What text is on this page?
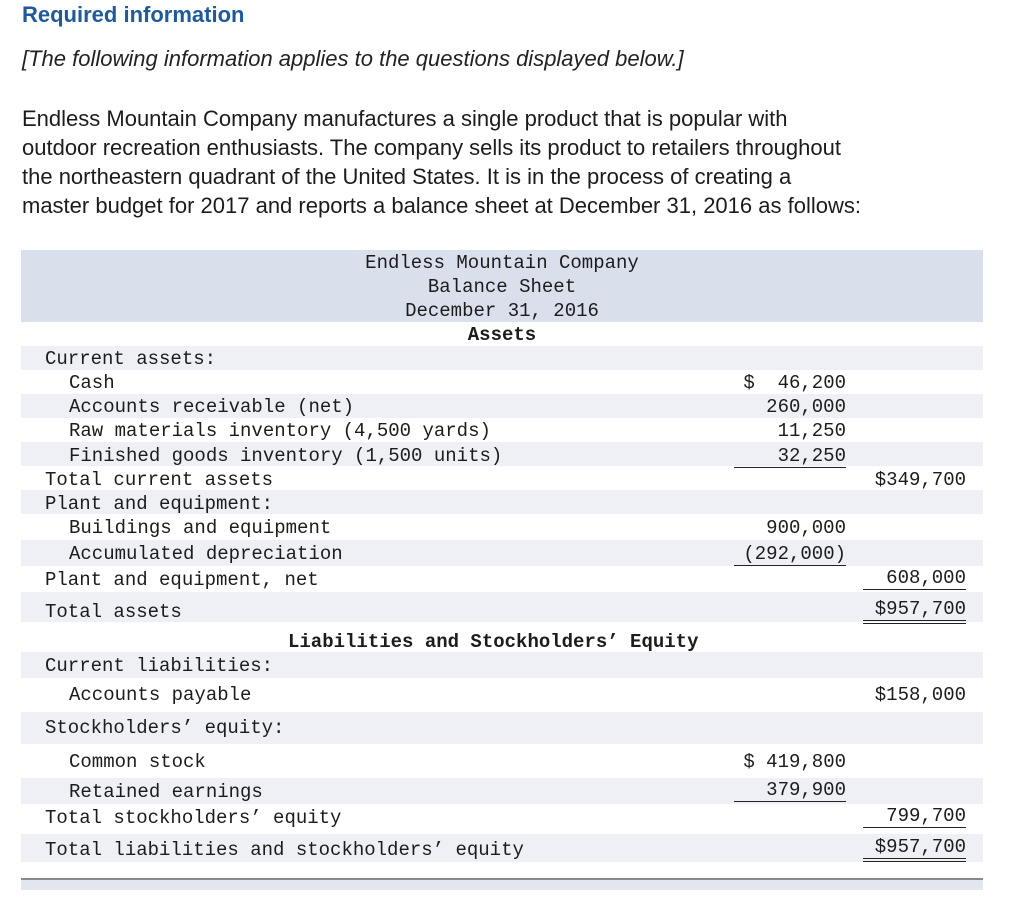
Required information
[The following information applies to the questions displayed below.]

Endless Mountain Company manufactures a single product that is popular with

outdoor recreation enthusiasts. The company sells its product to retailers throughout

the northeastern quadrant of the United States. It is in the process of creating a

master budget for 2017 and reports a balance sheet at December 31, 2016 as follows:

Endless Mountain Company
Balance Sheet
December 31, 2016
Assets
Current assets:
Cash	$  46,200
Accounts receivable (net)	260,000
Raw materials inventory (4,500 yards)	11,250
Finished goods inventory (1,500 units)	32,250
Total current assets	$349,700
Plant and equipment:
Buildings and equipment	900,000
Accumulated depreciation	(292,000)
Plant and equipment, net	608,000
Total assets	$957,700
Liabilities and Stockholders’ Equity
Current liabilities:
Accounts payable	$158,000
Stockholders’ equity:
Common stock	$ 419,800
Retained earnings	379,900
Total stockholders’ equity	799,700
Total liabilities and stockholders’ equity	$957,700
